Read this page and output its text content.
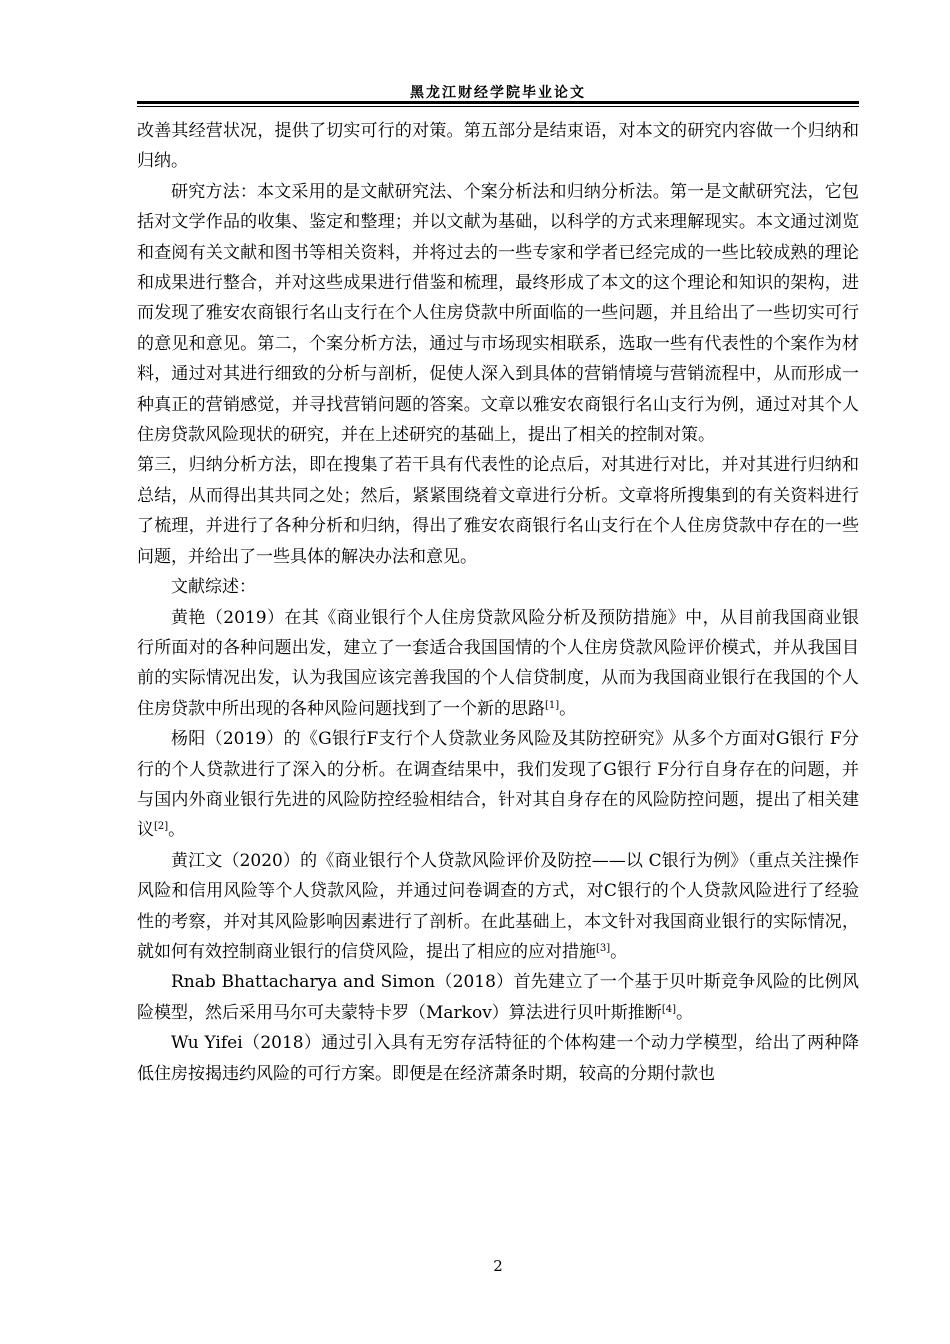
黑龙江财经学院毕业论文

改善其经营状况，提供了切实可行的对策。第五部分是结束语，对本文的研究内容做一个归纳和归纳。

研究方法：本文采用的是文献研究法、个案分析法和归纳分析法。第一是文献研究法，它包括对文学作品的收集、鉴定和整理；并以文献为基础，以科学的方式来理解现实。本文通过浏览和查阅有关文献和图书等相关资料，并将过去的一些专家和学者已经完成的一些比较成熟的理论和成果进行整合，并对这些成果进行借鉴和梳理，最终形成了本文的这个理论和知识的架构，进而发现了雅安农商银行名山支行在个人住房贷款中所面临的一些问题，并且给出了一些切实可行的意见和意见。第二，个案分析方法，通过与市场现实相联系，选取一些有代表性的个案作为材料，通过对其进行细致的分析与剖析，促使人深入到具体的营销情境与营销流程中，从而形成一种真正的营销感觉，并寻找营销问题的答案。文章以雅安农商银行名山支行为例，通过对其个人住房贷款风险现状的研究，并在上述研究的基础上，提出了相关的控制对策。

第三，归纳分析方法，即在搜集了若干具有代表性的论点后，对其进行对比，并对其进行归纳和总结，从而得出其共同之处；然后，紧紧围绕着文章进行分析。文章将所搜集到的有关资料进行了梳理，并进行了各种分析和归纳，得出了雅安农商银行名山支行在个人住房贷款中存在的一些问题，并给出了一些具体的解决办法和意见。

文献综述：

黄艳（2019）在其《商业银行个人住房贷款风险分析及预防措施》中，从目前我国商业银行所面对的各种问题出发，建立了一套适合我国国情的个人住房贷款风险评价模式，并从我国目前的实际情况出发，认为我国应该完善我国的个人信贷制度，从而为我国商业银行在我国的个人住房贷款中所出现的各种风险问题找到了一个新的思路[1]。

杨阳（2019）的《G银行F支行个人贷款业务风险及其防控研究》从多个方面对G银行 F分行的个人贷款进行了深入的分析。在调查结果中，我们发现了G银行 F分行自身存在的问题，并与国内外商业银行先进的风险防控经验相结合，针对其自身存在的风险防控问题，提出了相关建议[2]。

黄江文（2020）的《商业银行个人贷款风险评价及防控——以 C银行为例》（重点关注操作风险和信用风险等个人贷款风险，并通过问卷调查的方式，对C银行的个人贷款风险进行了经验性的考察，并对其风险影响因素进行了剖析。在此基础上，本文针对我国商业银行的实际情况，就如何有效控制商业银行的信贷风险，提出了相应的应对措施[3]。

Rnab Bhattacharya and Simon（2018）首先建立了一个基于贝叶斯竞争风险的比例风险模型，然后采用马尔可夫蒙特卡罗（Markov）算法进行贝叶斯推断[4]。

Wu Yifei（2018）通过引入具有无穷存活特征的个体构建一个动力学模型，给出了两种降低住房按揭违约风险的可行方案。即便是在经济萧条时期，较高的分期付款也

2
